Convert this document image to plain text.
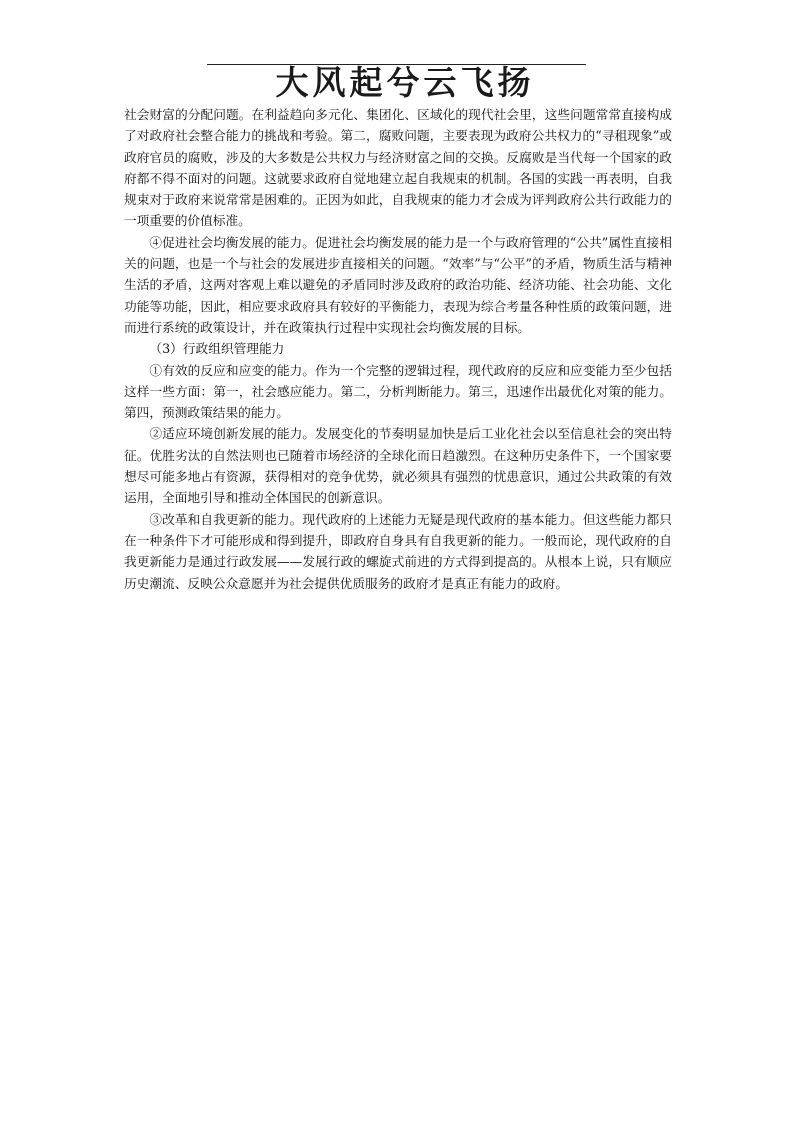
大风起兮云飞扬

社会财富的分配问题。在利益趋向多元化、集团化、区域化的现代社会里，这些问题常常直接构成了对政府社会整合能力的挑战和考验。第二，腐败问题，主要表现为政府公共权力的“寻租现象”或政府官员的腐败，涉及的大多数是公共权力与经济财富之间的交换。反腐败是当代每一个国家的政府都不得不面对的问题。这就要求政府自觉地建立起自我规束的机制。各国的实践一再表明，自我规束对于政府来说常常是困难的。正因为如此，自我规束的能力才会成为评判政府公共行政能力的一项重要的价值标准。

④促进社会均衡发展的能力。促进社会均衡发展的能力是一个与政府管理的“公共”属性直接相关的问题，也是一个与社会的发展进步直接相关的问题。“效率”与“公平”的矛盾，物质生活与精神生活的矛盾，这两对客观上难以避免的矛盾同时涉及政府的政治功能、经济功能、社会功能、文化功能等功能，因此，相应要求政府具有较好的平衡能力，表现为综合考量各种性质的政策问题，进而进行系统的政策设计，并在政策执行过程中实现社会均衡发展的目标。

（3）行政组织管理能力

①有效的反应和应变的能力。作为一个完整的逻辑过程，现代政府的反应和应变能力至少包括这样一些方面：第一，社会感应能力。第二，分析判断能力。第三，迅速作出最优化对策的能力。第四，预测政策结果的能力。

②适应环境创新发展的能力。发展变化的节奏明显加快是后工业化社会以至信息社会的突出特征。优胜劣汰的自然法则也已随着市场经济的全球化而日趋激烈。在这种历史条件下，一个国家要想尽可能多地占有资源，获得相对的竞争优势，就必须具有强烈的忧患意识，通过公共政策的有效运用，全面地引导和推动全体国民的创新意识。

③改革和自我更新的能力。现代政府的上述能力无疑是现代政府的基本能力。但这些能力都只在一种条件下才可能形成和得到提升，即政府自身具有自我更新的能力。一般而论，现代政府的自我更新能力是通过行政发展——发展行政的螺旋式前进的方式得到提高的。从根本上说，只有顺应历史潮流、反映公众意愿并为社会提供优质服务的政府才是真正有能力的政府。
